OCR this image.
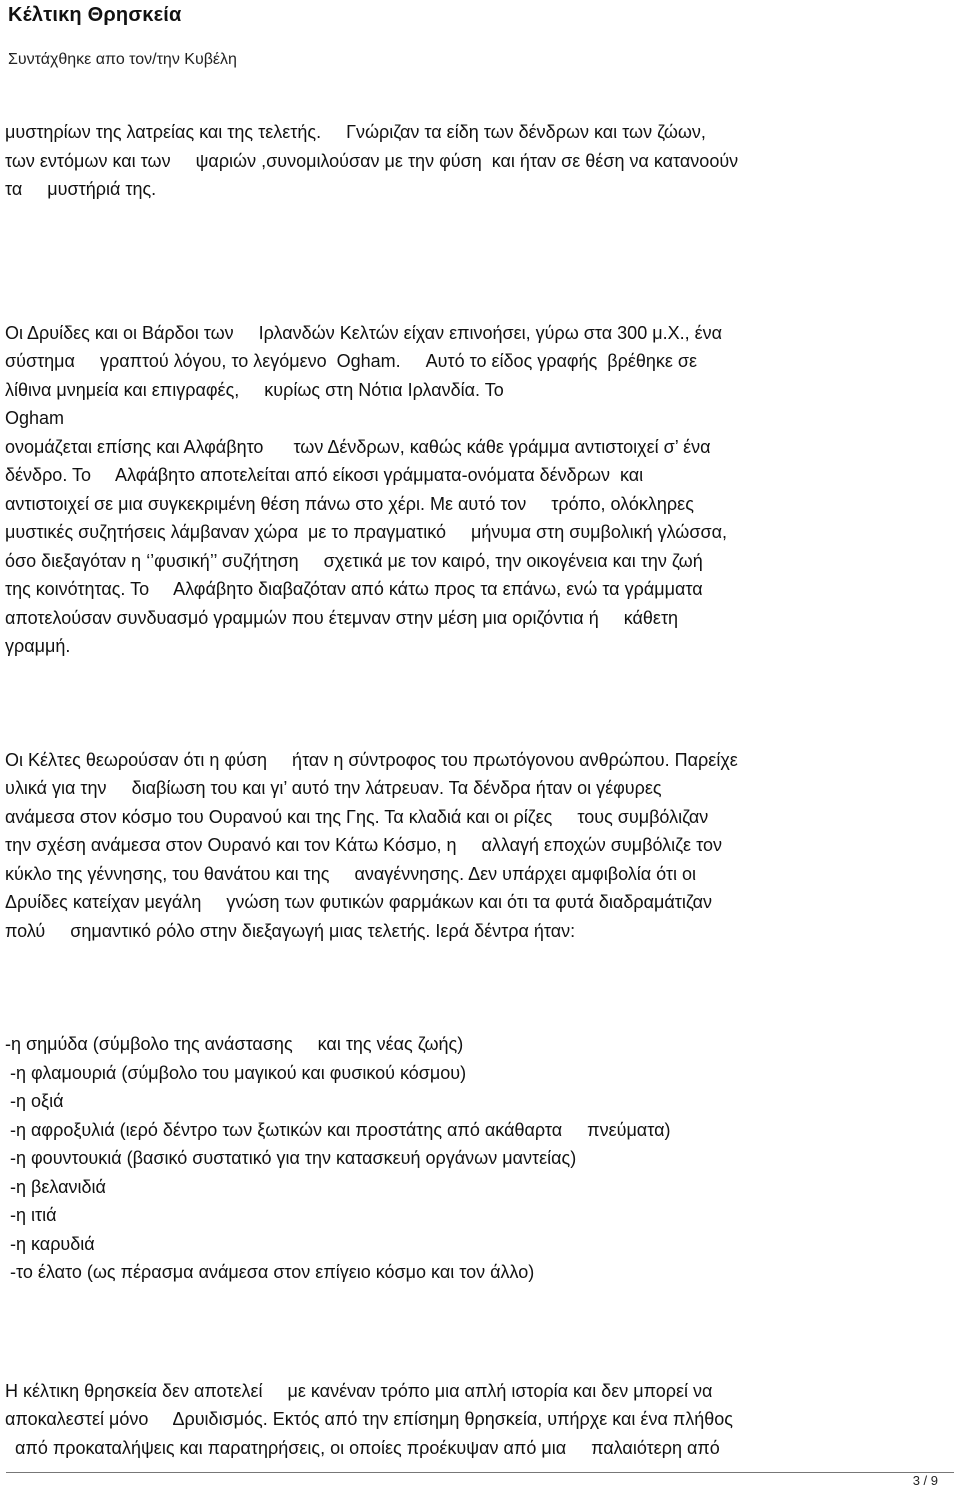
Κέλτικη Θρησκεία
Συντάχθηκε απο τον/την Κυβέλη

μυστηρίων της λατρείας και της τελετής.     Γνώριζαν τα είδη των δένδρων και των ζώων,
των εντόμων και των     ψαριών ,συνομιλούσαν με την φύση  και ήταν σε θέση να κατανοούν
τα     μυστήριά της.

Οι Δρυίδες και οι Βάρδοι των     Ιρλανδών Κελτών είχαν επινοήσει, γύρω στα 300 μ.Χ., ένα
σύστημα     γραπτού λόγου, το λεγόμενο  Ogham.     Αυτό το είδος γραφής  βρέθηκε σε
λίθινα μνημεία και επιγραφές,     κυρίως στη Νότια Ιρλανδία. Το
Ogham
ονομάζεται επίσης και Αλφάβητο      των Δένδρων, καθώς κάθε γράμμα αντιστοιχεί σ’ ένα
δένδρο. Το     Αλφάβητο αποτελείται από είκοσι γράμματα-ονόματα δένδρων  και
αντιστοιχεί σε μια συγκεκριμένη θέση πάνω στο χέρι. Με αυτό τον     τρόπο, ολόκληρες
μυστικές συζητήσεις λάμβαναν χώρα  με το πραγματικό     μήνυμα στη συμβολική γλώσσα,
όσο διεξαγόταν η ‘’φυσική’’ συζήτηση     σχετικά με τον καιρό, την οικογένεια και την ζωή
της κοινότητας. Το     Αλφάβητο διαβαζόταν από κάτω προς τα επάνω, ενώ τα γράμματα
αποτελούσαν συνδυασμό γραμμών που έτεμναν στην μέση μια οριζόντια ή     κάθετη
γραμμή.

Οι Κέλτες θεωρούσαν ότι η φύση     ήταν η σύντροφος του πρωτόγονου ανθρώπου. Παρείχε
υλικά για την     διαβίωση του και γι’ αυτό την λάτρευαν. Τα δένδρα ήταν οι γέφυρες
ανάμεσα στον κόσμο του Ουρανού και της Γης. Τα κλαδιά και οι ρίζες     τους συμβόλιζαν
την σχέση ανάμεσα στον Ουρανό και τον Κάτω Κόσμο, η     αλλαγή εποχών συμβόλιζε τον
κύκλο της γέννησης, του θανάτου και της     αναγέννησης. Δεν υπάρχει αμφιβολία ότι οι
Δρυίδες κατείχαν μεγάλη     γνώση των φυτικών φαρμάκων και ότι τα φυτά διαδραμάτιζαν
πολύ     σημαντικό ρόλο στην διεξαγωγή μιας τελετής. Ιερά δέντρα ήταν:

-η σημύδα (σύμβολο της ανάστασης     και της νέας ζωής)
-η φλαμουριά (σύμβολο του μαγικού και φυσικού κόσμου)
-η οξιά
-η αφροξυλιά (ιερό δέντρο των ξωτικών και προστάτης από ακάθαρτα     πνεύματα)
-η φουντουκιά (βασικό συστατικό για την κατασκευή οργάνων μαντείας)
-η βελανιδιά
-η ιτιά
-η καρυδιά
-το έλατο (ως πέρασμα ανάμεσα στον επίγειο κόσμο και τον άλλο)

Η κέλτικη θρησκεία δεν αποτελεί     με κανέναν τρόπο μια απλή ιστορία και δεν μπορεί να
αποκαλεστεί μόνο     Δρυιδισμός. Εκτός από την επίσημη θρησκεία, υπήρχε και ένα πλήθος
από προκαταλήψεις και παρατηρήσεις, οι οποίες προέκυψαν από μια     παλαιότερη από

3 / 9
